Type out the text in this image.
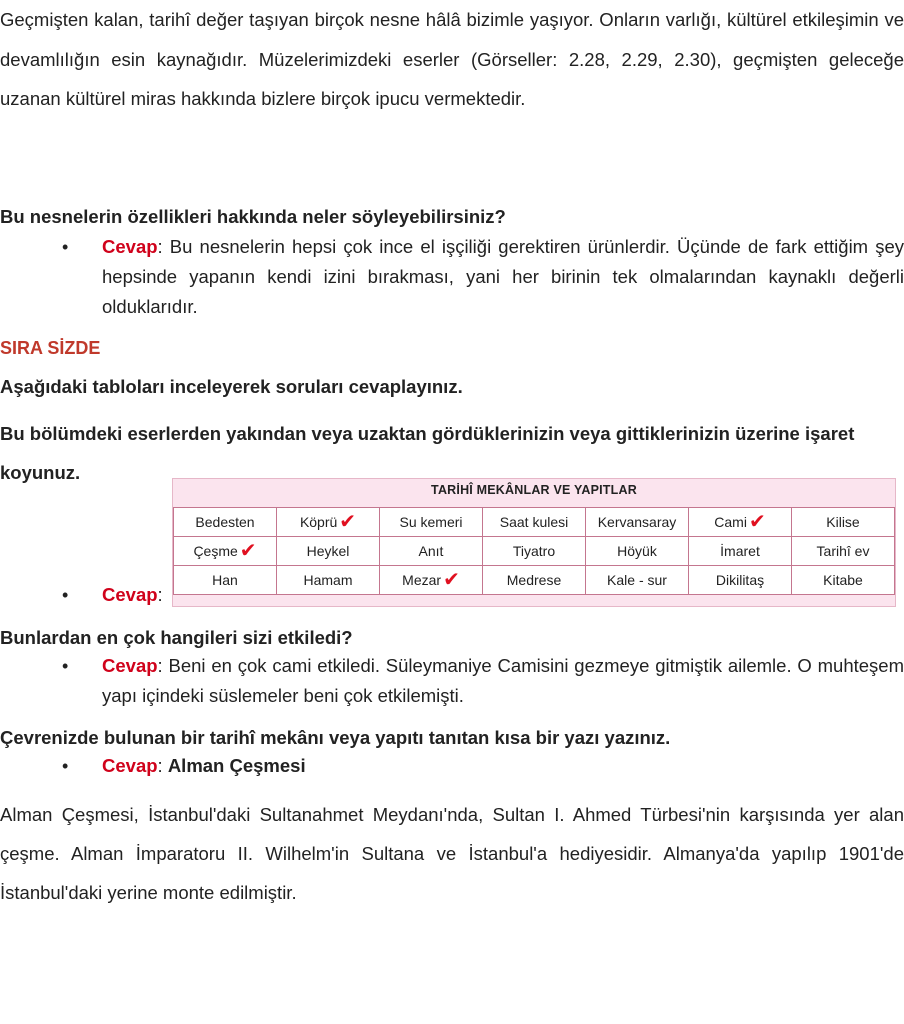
Geçmişten kalan, tarihî değer taşıyan birçok nesne hâlâ bizimle yaşıyor. Onların varlığı, kültürel etkileşimin ve devamlılığın esin kaynağıdır. Müzelerimizdeki eserler (Görseller: 2.28, 2.29, 2.30), geçmişten geleceğe uzanan kültürel miras hakkında bizlere birçok ipucu vermektedir.

Bu nesnelerin özellikleri hakkında neler söyleyebilirsiniz?
•	Cevap: Bu nesnelerin hepsi çok ince el işçiliği gerektiren ürünlerdir. Üçünde de fark ettiğim şey hepsinde yapanın kendi izini bırakması, yani her birinin tek olmalarından kaynaklı değerli olduklarıdır.
SIRA SİZDE
Aşağıdaki tabloları inceleyerek soruları cevaplayınız.
Bu bölümdeki eserlerden yakından veya uzaktan gördüklerinizin veya gittiklerinizin üzerine işaret koyunuz.
•	Cevap:
TARİHÎ MEKÂNLAR VE YAPITLAR
Bedesten	Köprü ✔	Su kemeri	Saat kulesi	Kervansaray	Cami ✔	Kilise
Çeşme ✔	Heykel	Anıt	Tiyatro	Höyük	İmaret	Tarihî ev
Han	Hamam	Mezar ✔	Medrese	Kale - sur	Dikilitaş	Kitabe
Bunlardan en çok hangileri sizi etkiledi?
•	Cevap: Beni en çok cami etkiledi. Süleymaniye Camisini gezmeye gitmiştik ailemle. O muhteşem yapı içindeki süslemeler beni çok etkilemişti.
Çevrenizde bulunan bir tarihî mekânı veya yapıtı tanıtan kısa bir yazı yazınız.
•	Cevap: Alman Çeşmesi

Alman Çeşmesi, İstanbul'daki Sultanahmet Meydanı'nda, Sultan I. Ahmed Türbesi'nin karşısında yer alan çeşme. Alman İmparatoru II. Wilhelm'in Sultana ve İstanbul'a hediyesidir. Almanya'da yapılıp 1901'de İstanbul'daki yerine monte edilmiştir.
